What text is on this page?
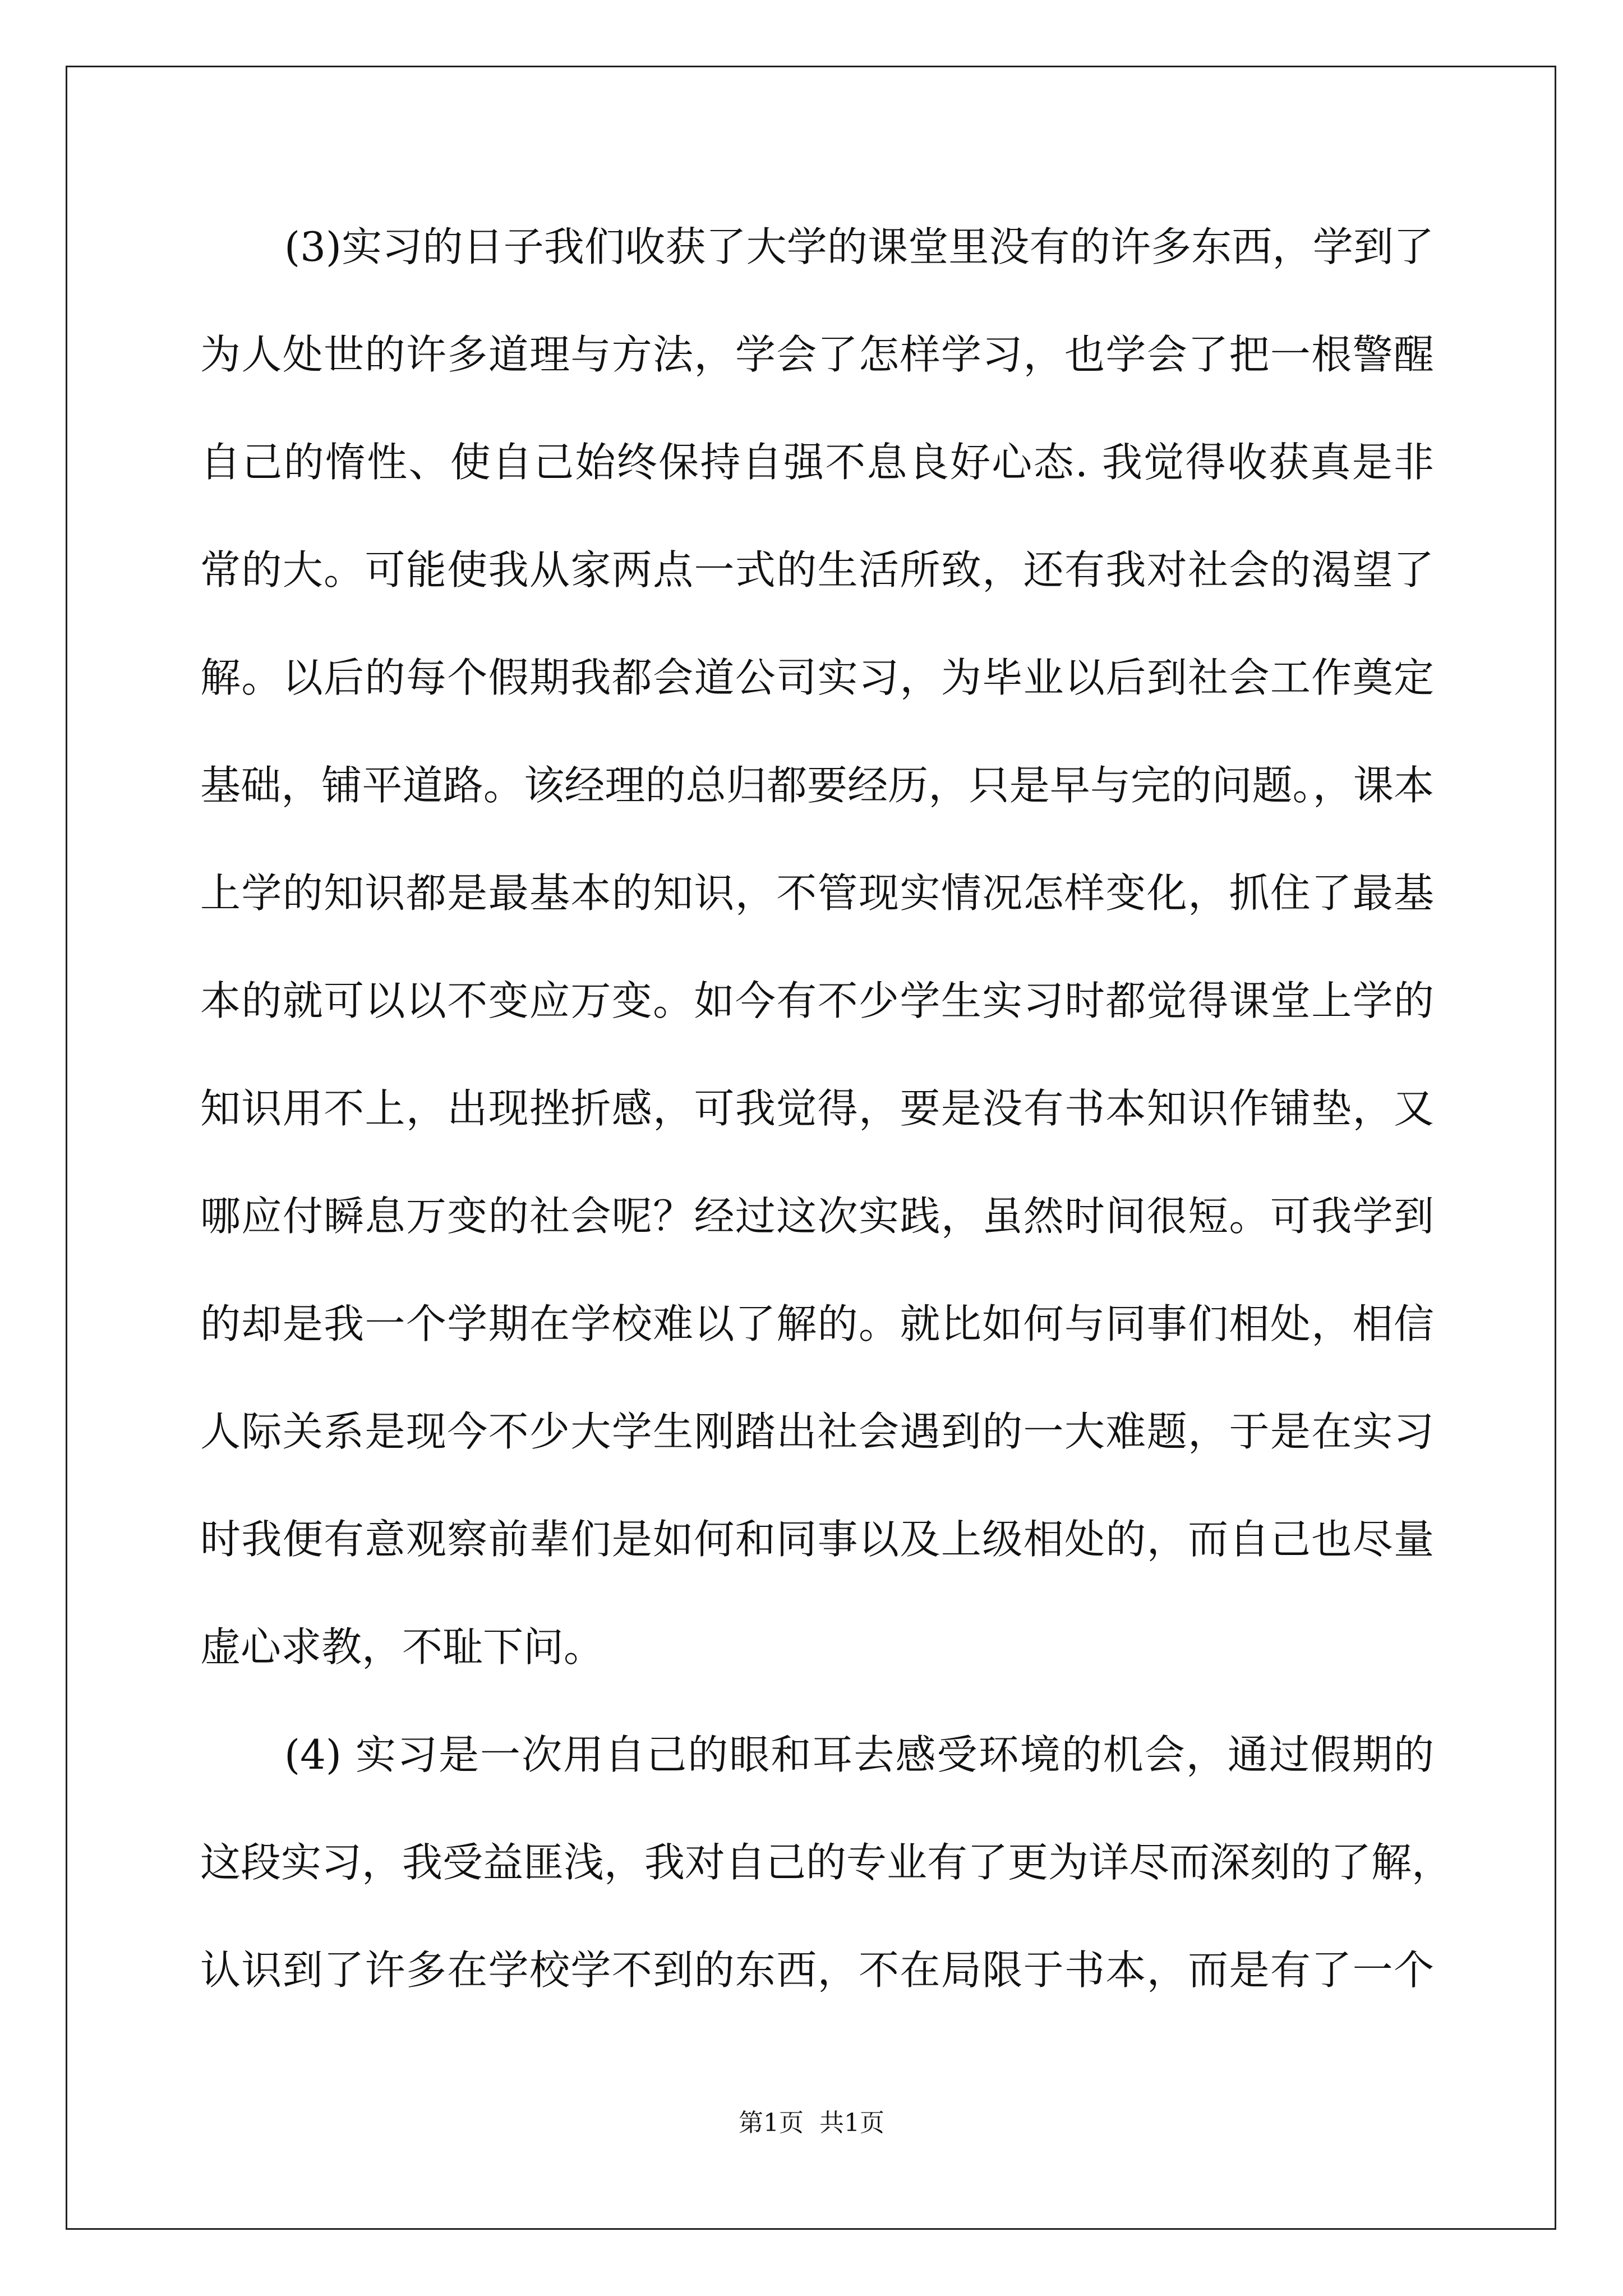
(3)实习的日子我们收获了大学的课堂里没有的许多东西，学到了
为人处世的许多道理与方法，学会了怎样学习，也学会了把一根警醒
自己的惰性、使自己始终保持自强不息良好心态. 我觉得收获真是非
常的大。可能使我从家两点一式的生活所致，还有我对社会的渴望了
解。以后的每个假期我都会道公司实习，为毕业以后到社会工作奠定
基础，铺平道路。该经理的总归都要经历，只是早与完的问题。，课本
上学的知识都是最基本的知识，不管现实情况怎样变化，抓住了最基
本的就可以以不变应万变。如今有不少学生实习时都觉得课堂上学的
知识用不上，出现挫折感，可我觉得，要是没有书本知识作铺垫，又
哪应付瞬息万变的社会呢？经过这次实践，虽然时间很短。可我学到
的却是我一个学期在学校难以了解的。就比如何与同事们相处，相信
人际关系是现今不少大学生刚踏出社会遇到的一大难题，于是在实习
时我便有意观察前辈们是如何和同事以及上级相处的，而自己也尽量
虚心求教，不耻下问。
(4) 实习是一次用自己的眼和耳去感受环境的机会，通过假期的
这段实习，我受益匪浅，我对自己的专业有了更为详尽而深刻的了解，
认识到了许多在学校学不到的东西，不在局限于书本，而是有了一个
第1页  共1页
